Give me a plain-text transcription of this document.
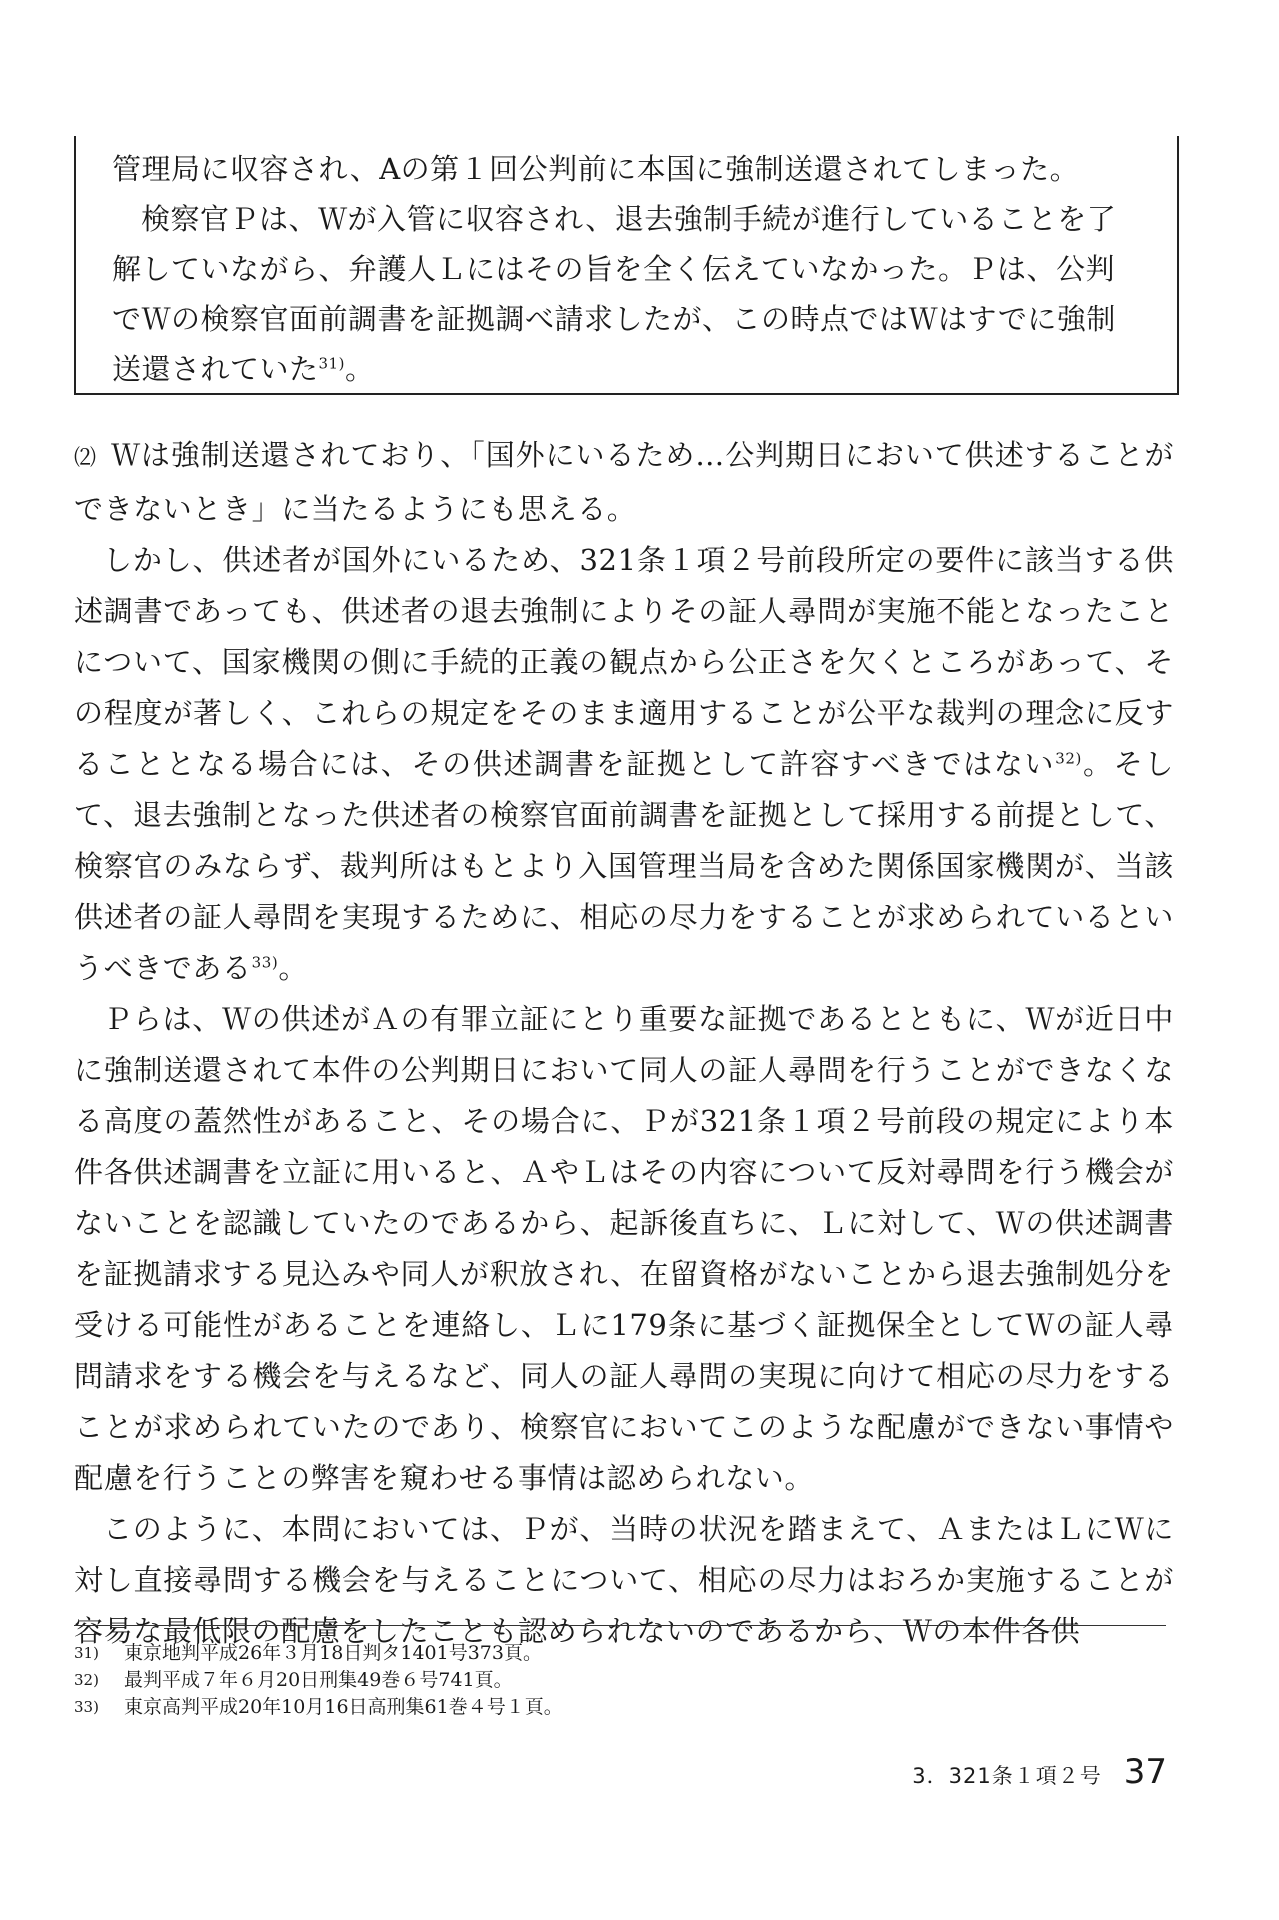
管理局に収容され、Aの第１回公判前に本国に強制送還されてしまった。

検察官Ｐは、Ｗが入管に収容され、退去強制手続が進行していることを了解していながら、弁護人Ｌにはその旨を全く伝えていなかった。Ｐは、公判でＷの検察官面前調書を証拠調べ請求したが、この時点ではＷはすでに強制送還されていた$^{31)}$。

⑵ Ｗは強制送還されており、「国外にいるため…公判期日において供述することができないとき」に当たるようにも思える。

しかし、供述者が国外にいるため、321条１項２号前段所定の要件に該当する供述調書であっても、供述者の退去強制によりその証人尋問が実施不能となったことについて、国家機関の側に手続的正義の観点から公正さを欠くところがあって、その程度が著しく、これらの規定をそのまま適用することが公平な裁判の理念に反することとなる場合には、その供述調書を証拠として許容すべきではない$^{32)}$。そして、退去強制となった供述者の検察官面前調書を証拠として採用する前提として、検察官のみならず、裁判所はもとより入国管理当局を含めた関係国家機関が、当該供述者の証人尋問を実現するために、相応の尽力をすることが求められているというべきである$^{33)}$。

Ｐらは、Ｗの供述がＡの有罪立証にとり重要な証拠であるとともに、Ｗが近日中に強制送還されて本件の公判期日において同人の証人尋問を行うことができなくなる高度の蓋然性があること、その場合に、Ｐが321条１項２号前段の規定により本件各供述調書を立証に用いると、ＡやＬはその内容について反対尋問を行う機会がないことを認識していたのであるから、起訴後直ちに、Ｌに対して、Ｗの供述調書を証拠請求する見込みや同人が釈放され、在留資格がないことから退去強制処分を受ける可能性があることを連絡し、Ｌに179条に基づく証拠保全としてＷの証人尋問請求をする機会を与えるなど、同人の証人尋問の実現に向けて相応の尽力をすることが求められていたのであり、検察官においてこのような配慮ができない事情や配慮を行うことの弊害を窺わせる事情は認められない。

このように、本問においては、Ｐが、当時の状況を踏まえて、ＡまたはＬにＷに対し直接尋問する機会を与えることについて、相応の尽力はおろか実施することが容易な最低限の配慮をしたことも認められないのであるから、Ｗの本件各供

31)	東京地判平成26年３月18日判タ1401号373頁。
32)	最判平成７年６月20日刑集49巻６号741頁。
33)	東京高判平成20年10月16日高刑集61巻４号１頁。
3．321条１項２号 37
